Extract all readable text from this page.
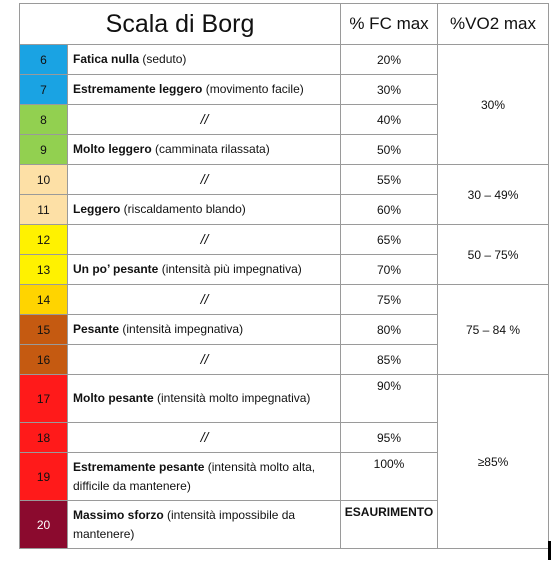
Scala di Borg		% FC max	%VO2 max
6	Fatica nulla (seduto)	20%	30%
7	Estremamente leggero (movimento facile)	30%	
8	//	40%	
9	Molto leggero (camminata rilassata)	50%	
10	//	55%	30 – 49%
11	Leggero (riscaldamento blando)	60%	
12	//	65%	50 – 75%
13	Un po’ pesante (intensità più impegnativa)	70%	
14	//	75%	75 – 84 %
15	Pesante (intensità impegnativa)	80%	
16	//	85%	
17	Molto pesante (intensità molto impegnativa)	90%	≥85%
18	//	95%	
19	Estremamente pesante (intensità molto alta, difficile da mantenere)	100%	
20	Massimo sforzo (intensità impossibile da mantenere)	ESAURIMENTO	
